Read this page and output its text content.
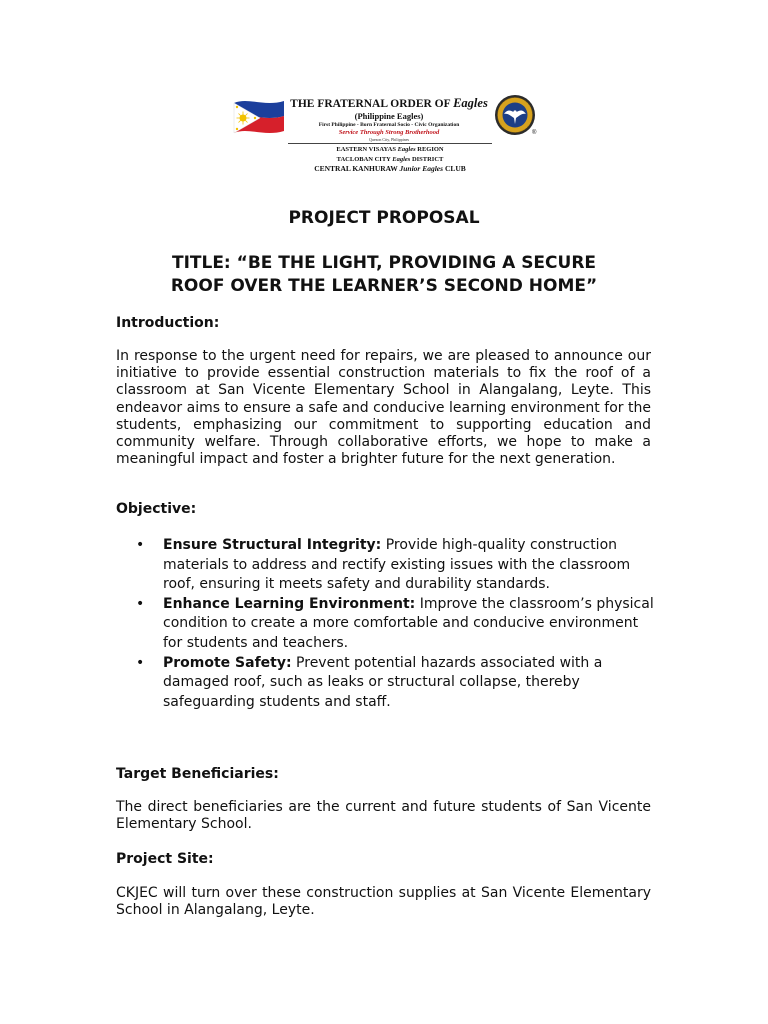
THE FRATERNAL ORDER OF Eagles
(Philippine Eagles)
First Philippine - Born Fraternal Socio - Civic Organization
Service Through Strong Brotherhood
Quezon City, Philippines
®
EASTERN VISAYAS Eagles REGION
TACLOBAN CITY Eagles DISTRICT
CENTRAL KANHURAW Junior Eagles CLUB
PROJECT PROPOSAL
TITLE: “BE THE LIGHT, PROVIDING A SECURE
ROOF OVER THE LEARNER’S SECOND HOME”

Introduction:

In response to the urgent need for repairs, we are pleased to announce our initiative to provide essential construction materials to fix the roof of a classroom at San Vicente Elementary School in Alangalang, Leyte. This endeavor aims to ensure a safe and conducive learning environment for the students, emphasizing our commitment to supporting education and community welfare. Through collaborative efforts, we hope to make a meaningful impact and foster a brighter future for the next generation.

Objective:

• Ensure Structural Integrity: Provide high-quality construction materials to address and rectify existing issues with the classroom roof, ensuring it meets safety and durability standards.
• Enhance Learning Environment: Improve the classroom’s physical condition to create a more comfortable and conducive environment for students and teachers.
• Promote Safety: Prevent potential hazards associated with a damaged roof, such as leaks or structural collapse, thereby safeguarding students and staff.

Target Beneficiaries:

The direct beneficiaries are the current and future students of San Vicente Elementary School.

Project Site:

CKJEC will turn over these construction supplies at San Vicente Elementary School in Alangalang, Leyte.
